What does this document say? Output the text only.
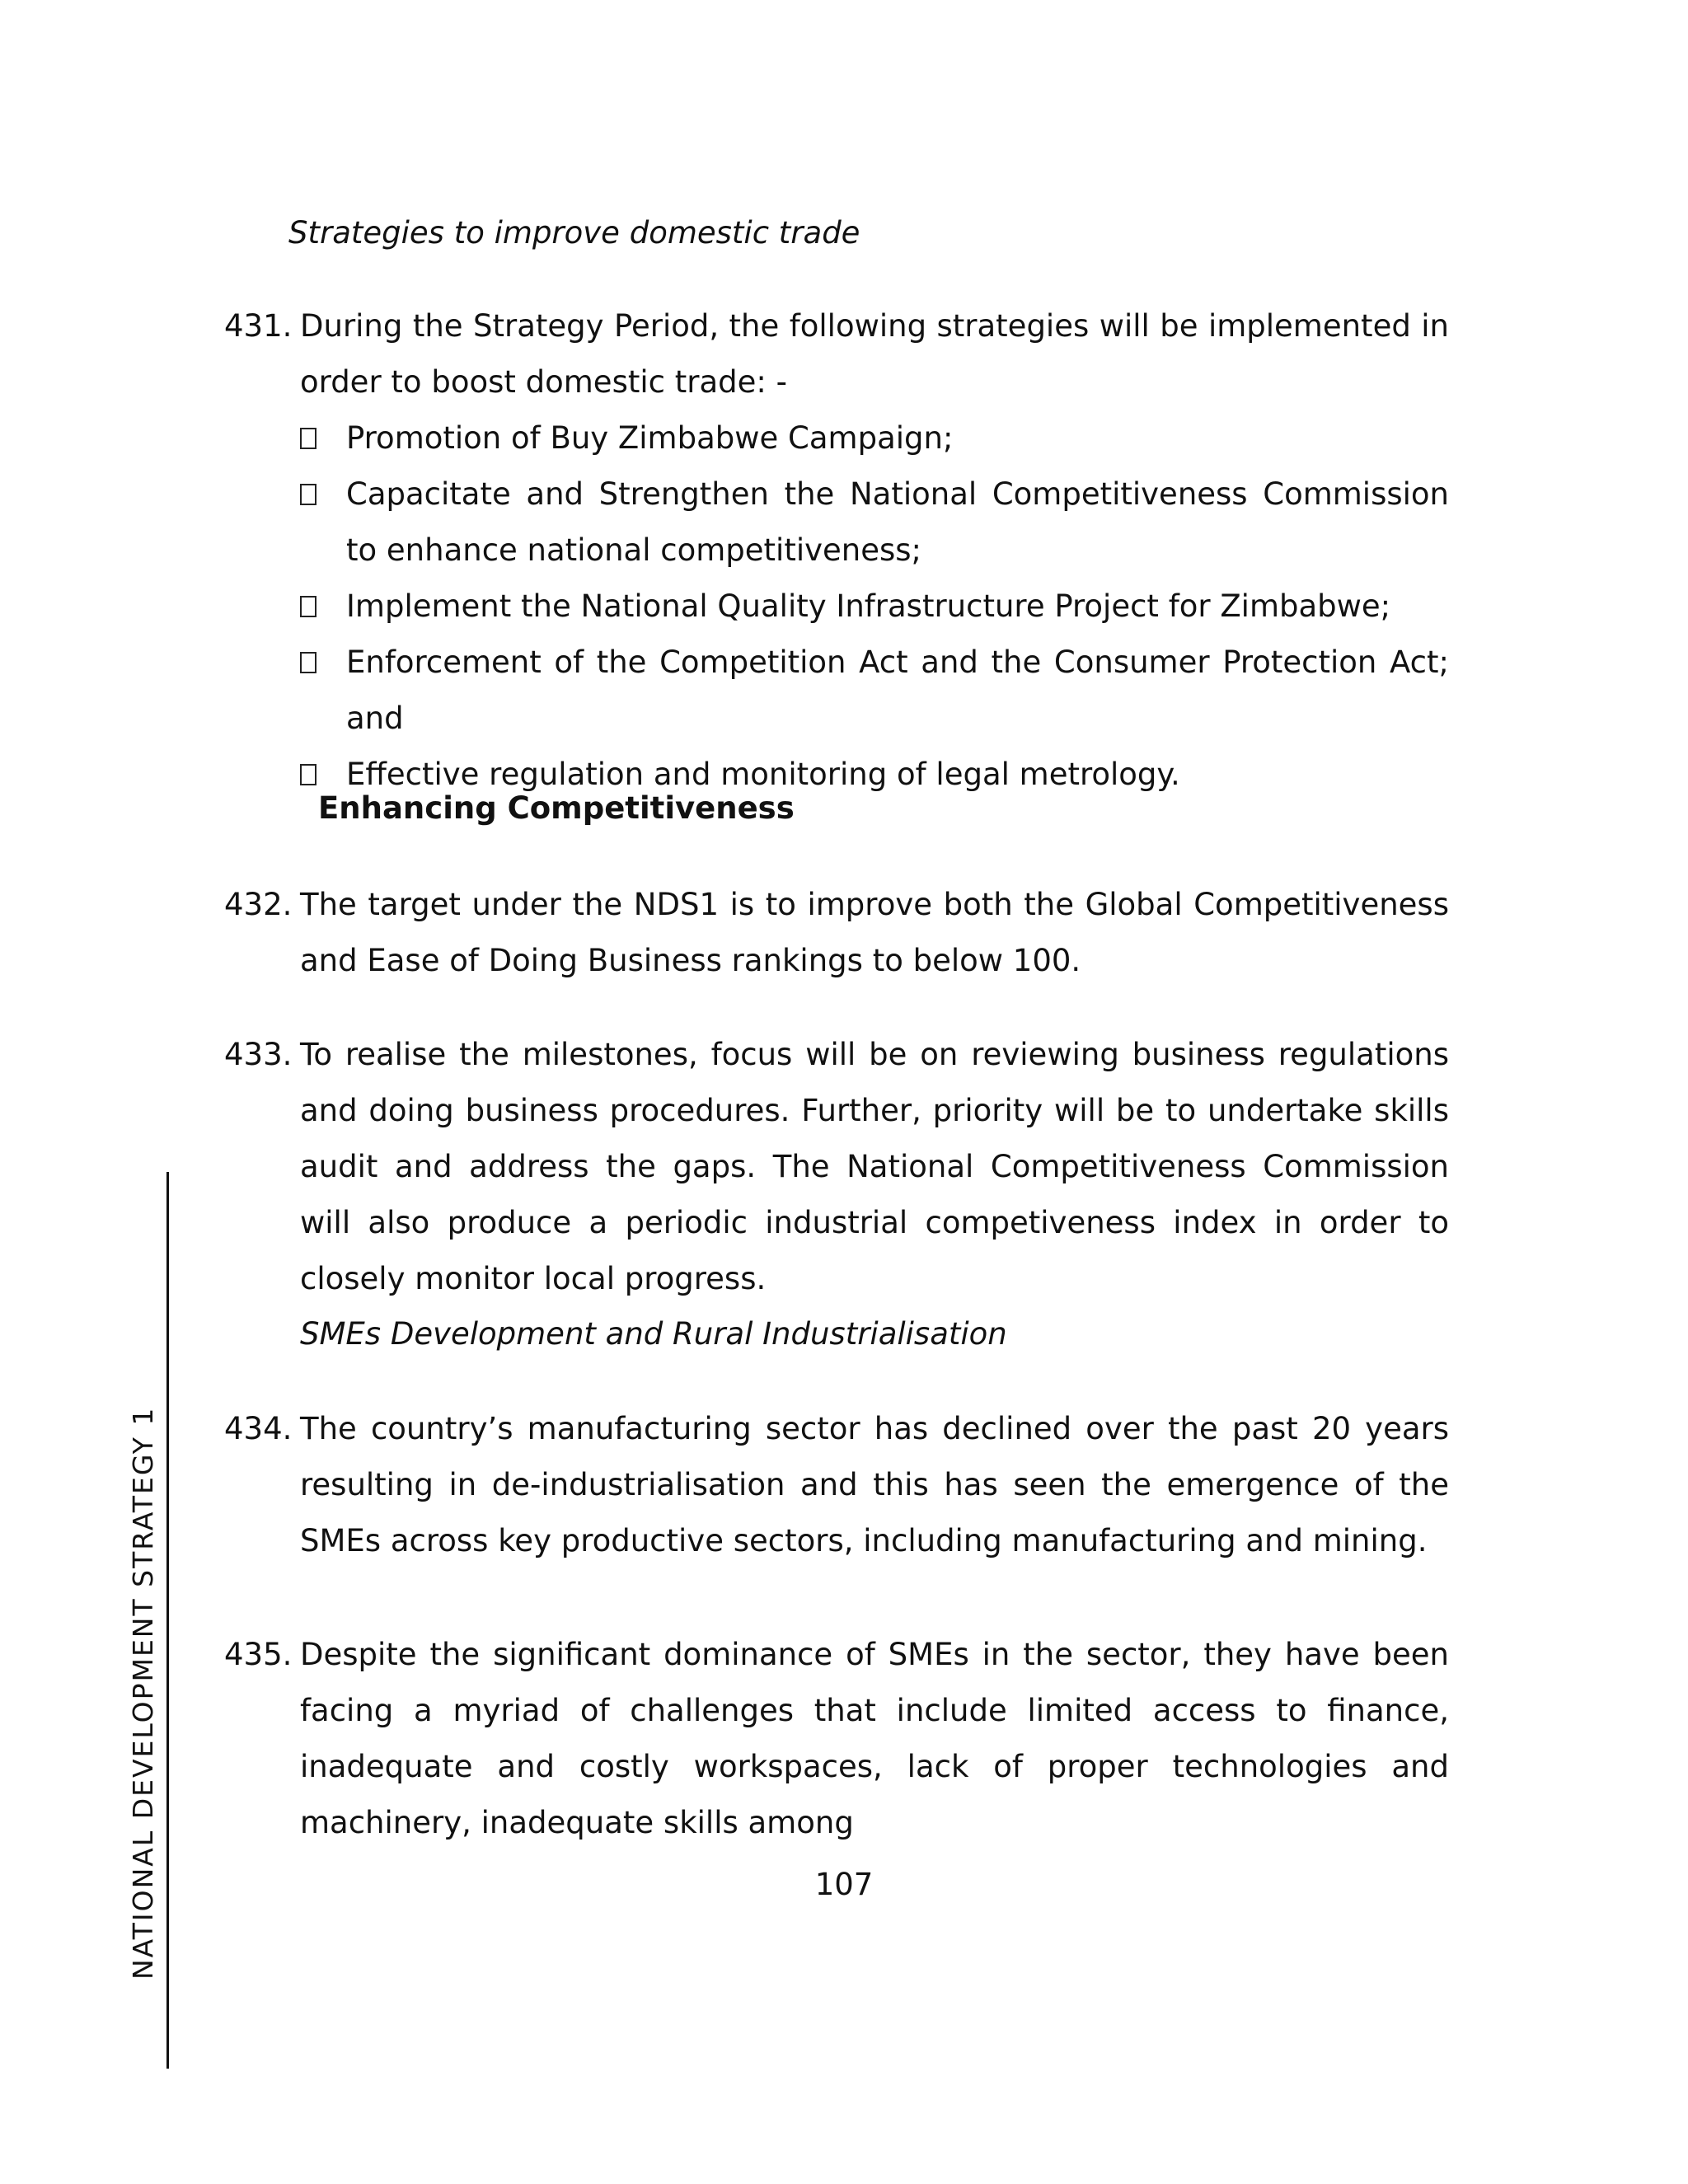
Strategies to improve domestic trade
431. During the Strategy Period, the following strategies will be implemented in order to boost domestic trade: -
Promotion of Buy Zimbabwe Campaign;
Capacitate and Strengthen the National Competitiveness Commission to enhance national competitiveness;
Implement the National Quality Infrastructure Project for Zimbabwe;
Enforcement of the Competition Act and the Consumer Protection Act; and
Effective regulation and monitoring of legal metrology.
Enhancing Competitiveness
432. The target under the NDS1 is to improve both the Global Competitiveness and Ease of Doing Business rankings to below 100.
433. To realise the milestones, focus will be on reviewing business regulations and doing business procedures. Further, priority will be to undertake skills audit and address the gaps. The National Competitiveness Commission will also produce a periodic industrial competiveness index in order to closely monitor local progress.
SMEs Development and Rural Industrialisation
434. The country’s manufacturing sector has declined over the past 20 years resulting in de-industrialisation and this has seen the emergence of the SMEs across key productive sectors, including manufacturing and mining.
435. Despite the significant dominance of SMEs in the sector, they have been facing a myriad of challenges that include limited access to finance, inadequate and costly workspaces, lack of proper technologies and machinery, inadequate skills among
107
NATIONAL DEVELOPMENT STRATEGY 1
